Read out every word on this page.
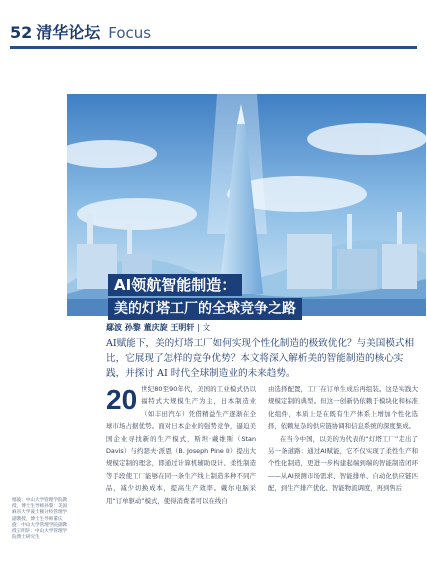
52 清华论坛 Focus
AI领航智能制造：
美的灯塔工厂的全球竞争之路
鄢波 孙黎 董庆旋 王明轩 | 文
AI赋能下，美的灯塔工厂如何实现个性化制造的极致优化？与美国模式相比，它展现了怎样的竞争优势？本文将深入解析美的智能制造的核心实践，并探讨 AI 时代全球制造业的未来趋势。
鄢波：中山大学管理学院教授，博士生导师孙黎：美国麻省大学波士顿分校管理学副教授，博士生导师董庆旋：中山大学管理学院副教授王明轩：中山大学管理学院博士研究生
20 世纪80至90年代，美国的工业模式仍以福特式大规模生产为主，日本制造业（如丰田汽车）凭借精益生产逐渐在全球市场占据优势。面对日本企业的强势竞争，逼迫美国企业寻找新的生产模式，斯坦·戴维斯（Stan Davis）与约瑟夫·派恩（B. Joseph Pine II）提出大规模定制的理念，即通过计算机辅助设计、柔性制造等手段使工厂能够在同一条生产线上制造多种不同产品，减少切换成本，提高生产效率。戴尔电脑采用“订单驱动”模式，使得消费者可以在线自

由选择配置，工厂在订单生成后再组装。这是实践大规模定制的典型。但这一创新仍依赖于模块化和标准化组件，本质上是在既有生产体系上增加个性化选择，依赖复杂的供应链协调和信息系统的深度集成。

在当今中国，以美的为代表的“灯塔工厂”走出了另一条道路：通过AI赋能，它不仅实现了柔性生产和个性化制造，更进一步构建起端到端的智能制造闭环——从AI预测市场需求、智能排单、自动化供应链匹配，到生产排产优化、智能物流调度，再到售后
